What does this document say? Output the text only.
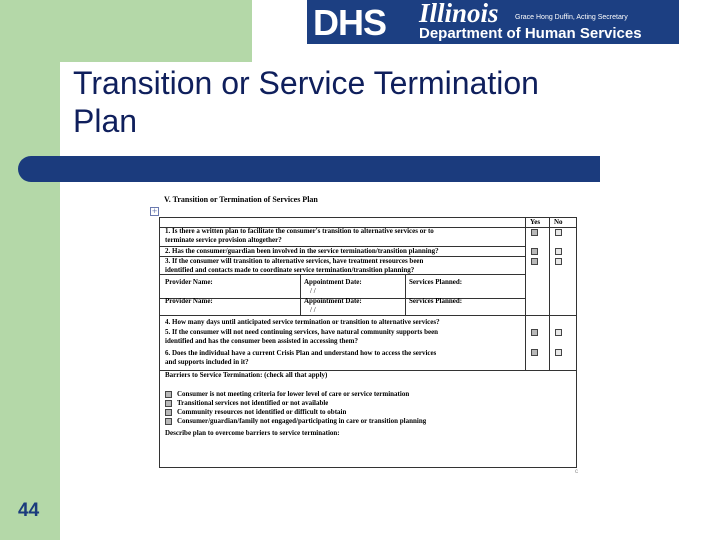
DHS Illinois Grace Hong Duffin, Acting Secretary
Department of Human Services
Transition or Service Termination
Plan
V. Transition or Termination of Services Plan
+
Yes No
1. Is there a written plan to facilitate the consumer's transition to alternative services or to
terminate service provision altogether?
2. Has the consumer/guardian been involved in the service termination/transition planning?
3. If the consumer will transition to alternative services, have treatment resources been
identified and contacts made to coordinate service termination/transition planning?
Provider Name:	Appointment Date:	Services Planned:
/ /
Provider Name:	Appointment Date:	Services Planned:
/ /
4. How many days until anticipated service termination or transition to alternative services?
5. If the consumer will not need continuing services, have natural community supports been
identified and has the consumer been assisted in accessing them?
6. Does the individual have a current Crisis Plan and understand how to access the services
and supports included in it?
Barriers to Service Termination: (check all that apply)
Consumer is not meeting criteria for lower level of care or service termination
Transitional services not identified or not available
Community resources not identified or difficult to obtain
Consumer/guardian/family not engaged/participating in care or transition planning
Describe plan to overcome barriers to service termination:
c
44
